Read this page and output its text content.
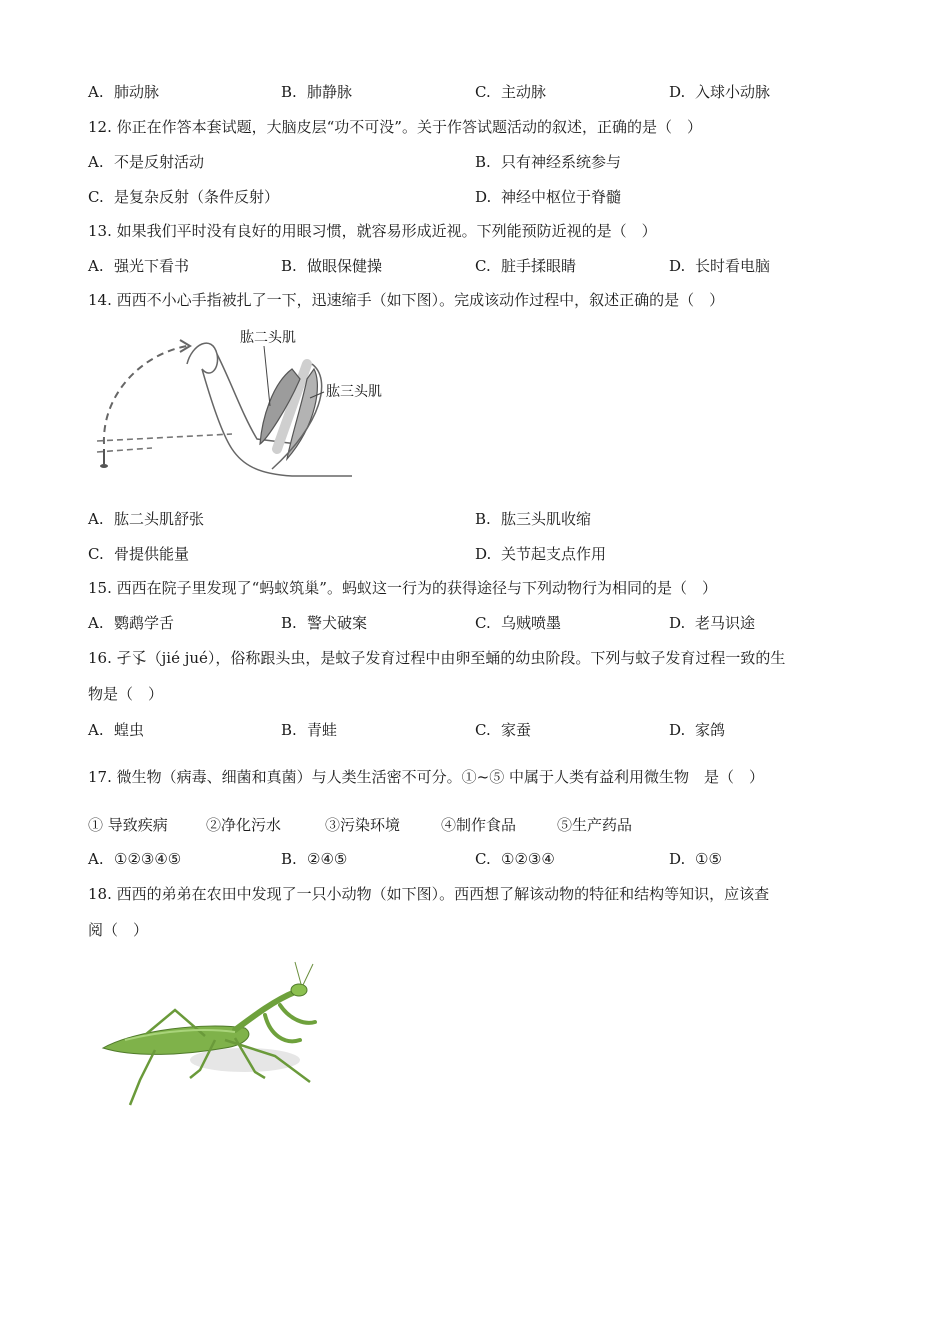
A. 肺动脉	B. 肺静脉	C. 主动脉	D. 入球小动脉
12. 你正在作答本套试题，大脑皮层“功不可没”。关于作答试题活动的叙述，正确的是（　）
A. 不是反射活动	B. 只有神经系统参与
C. 是复杂反射（条件反射）	D. 神经中枢位于脊髓
13. 如果我们平时没有良好的用眼习惯，就容易形成近视。下列能预防近视的是（　）
A. 强光下看书	B. 做眼保健操	C. 脏手揉眼睛	D. 长时看电脑
14. 西西不小心手指被扎了一下，迅速缩手（如下图）。完成该动作过程中，叙述正确的是（　）
肱二头肌
肱三头肌
A. 肱二头肌舒张	B. 肱三头肌收缩
C. 骨提供能量	D. 关节起支点作用
15. 西西在院子里发现了“蚂蚁筑巢”。蚂蚁这一行为的获得途径与下列动物行为相同的是（　）
A. 鹦鹉学舌	B. 警犬破案	C. 乌贼喷墨	D. 老马识途
16. 孑孓（jié jué），俗称跟头虫，是蚊子发育过程中由卵至蛹的幼虫阶段。下列与蚊子发育过程一致的生
物是（　）
A. 蝗虫	B. 青蛙	C. 家蚕	D. 家鸽
17. 微生物（病毒、细菌和真菌）与人类生活密不可分。①~⑤ 中属于人类有益利用微生物　是（　）
① 导致疾病	②净化污水	③污染环境	④制作食品	⑤生产药品
A. ①②③④⑤	B. ②④⑤	C. ①②③④	D. ①⑤
18. 西西的弟弟在农田中发现了一只小动物（如下图）。西西想了解该动物的特征和结构等知识，应该查
阅（　）
